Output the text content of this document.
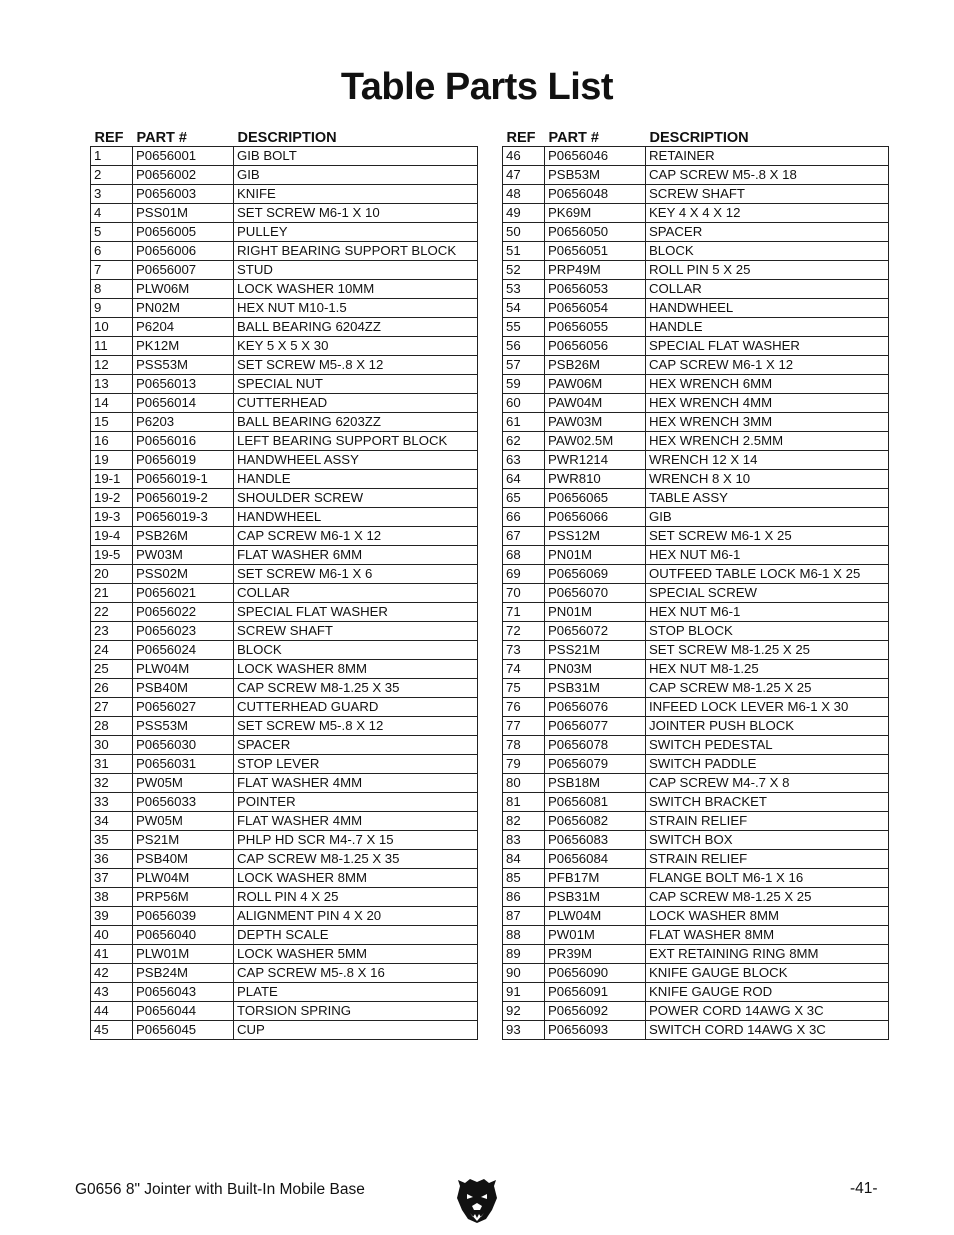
Table Parts List
REF	PART #	DESCRIPTION
1	P0656001	GIB BOLT
2	P0656002	GIB
3	P0656003	KNIFE
4	PSS01M	SET SCREW M6-1 X 10
5	P0656005	PULLEY
6	P0656006	RIGHT BEARING SUPPORT BLOCK
7	P0656007	STUD
8	PLW06M	LOCK WASHER 10MM
9	PN02M	HEX NUT M10-1.5
10	P6204	BALL BEARING 6204ZZ
11	PK12M	KEY 5 X 5 X 30
12	PSS53M	SET SCREW M5-.8 X 12
13	P0656013	SPECIAL NUT
14	P0656014	CUTTERHEAD
15	P6203	BALL BEARING 6203ZZ
16	P0656016	LEFT BEARING SUPPORT BLOCK
19	P0656019	HANDWHEEL ASSY
19-1	P0656019-1	HANDLE
19-2	P0656019-2	SHOULDER SCREW
19-3	P0656019-3	HANDWHEEL
19-4	PSB26M	CAP SCREW M6-1 X 12
19-5	PW03M	FLAT WASHER 6MM
20	PSS02M	SET SCREW M6-1 X 6
21	P0656021	COLLAR
22	P0656022	SPECIAL FLAT WASHER
23	P0656023	SCREW SHAFT
24	P0656024	BLOCK
25	PLW04M	LOCK WASHER 8MM
26	PSB40M	CAP SCREW M8-1.25 X 35
27	P0656027	CUTTERHEAD GUARD
28	PSS53M	SET SCREW M5-.8 X 12
30	P0656030	SPACER
31	P0656031	STOP LEVER
32	PW05M	FLAT WASHER 4MM
33	P0656033	POINTER
34	PW05M	FLAT WASHER 4MM
35	PS21M	PHLP HD SCR M4-.7 X 15
36	PSB40M	CAP SCREW M8-1.25 X 35
37	PLW04M	LOCK WASHER 8MM
38	PRP56M	ROLL PIN 4 X 25
39	P0656039	ALIGNMENT PIN 4 X 20
40	P0656040	DEPTH SCALE
41	PLW01M	LOCK WASHER 5MM
42	PSB24M	CAP SCREW M5-.8 X 16
43	P0656043	PLATE
44	P0656044	TORSION SPRING
45	P0656045	CUP
REF	PART #	DESCRIPTION
46	P0656046	RETAINER
47	PSB53M	CAP SCREW M5-.8 X 18
48	P0656048	SCREW SHAFT
49	PK69M	KEY 4 X 4 X 12
50	P0656050	SPACER
51	P0656051	BLOCK
52	PRP49M	ROLL PIN 5 X 25
53	P0656053	COLLAR
54	P0656054	HANDWHEEL
55	P0656055	HANDLE
56	P0656056	SPECIAL FLAT WASHER
57	PSB26M	CAP SCREW M6-1 X 12
59	PAW06M	HEX WRENCH 6MM
60	PAW04M	HEX WRENCH 4MM
61	PAW03M	HEX WRENCH 3MM
62	PAW02.5M	HEX WRENCH 2.5MM
63	PWR1214	WRENCH 12 X 14
64	PWR810	WRENCH 8 X 10
65	P0656065	TABLE ASSY
66	P0656066	GIB
67	PSS12M	SET SCREW M6-1 X 25
68	PN01M	HEX NUT M6-1
69	P0656069	OUTFEED TABLE LOCK M6-1 X 25
70	P0656070	SPECIAL SCREW
71	PN01M	HEX NUT M6-1
72	P0656072	STOP BLOCK
73	PSS21M	SET SCREW M8-1.25 X 25
74	PN03M	HEX NUT M8-1.25
75	PSB31M	CAP SCREW M8-1.25 X 25
76	P0656076	INFEED LOCK LEVER M6-1 X 30
77	P0656077	JOINTER PUSH BLOCK
78	P0656078	SWITCH PEDESTAL
79	P0656079	SWITCH PADDLE
80	PSB18M	CAP SCREW M4-.7 X 8
81	P0656081	SWITCH BRACKET
82	P0656082	STRAIN RELIEF
83	P0656083	SWITCH BOX
84	P0656084	STRAIN RELIEF
85	PFB17M	FLANGE BOLT M6-1 X 16
86	PSB31M	CAP SCREW M8-1.25 X 25
87	PLW04M	LOCK WASHER 8MM
88	PW01M	FLAT WASHER 8MM
89	PR39M	EXT RETAINING RING 8MM
90	P0656090	KNIFE GAUGE BLOCK
91	P0656091	KNIFE GAUGE ROD
92	P0656092	POWER CORD 14AWG X 3C
93	P0656093	SWITCH CORD 14AWG X 3C
G0656 8" Jointer with Built-In Mobile Base	-41-
